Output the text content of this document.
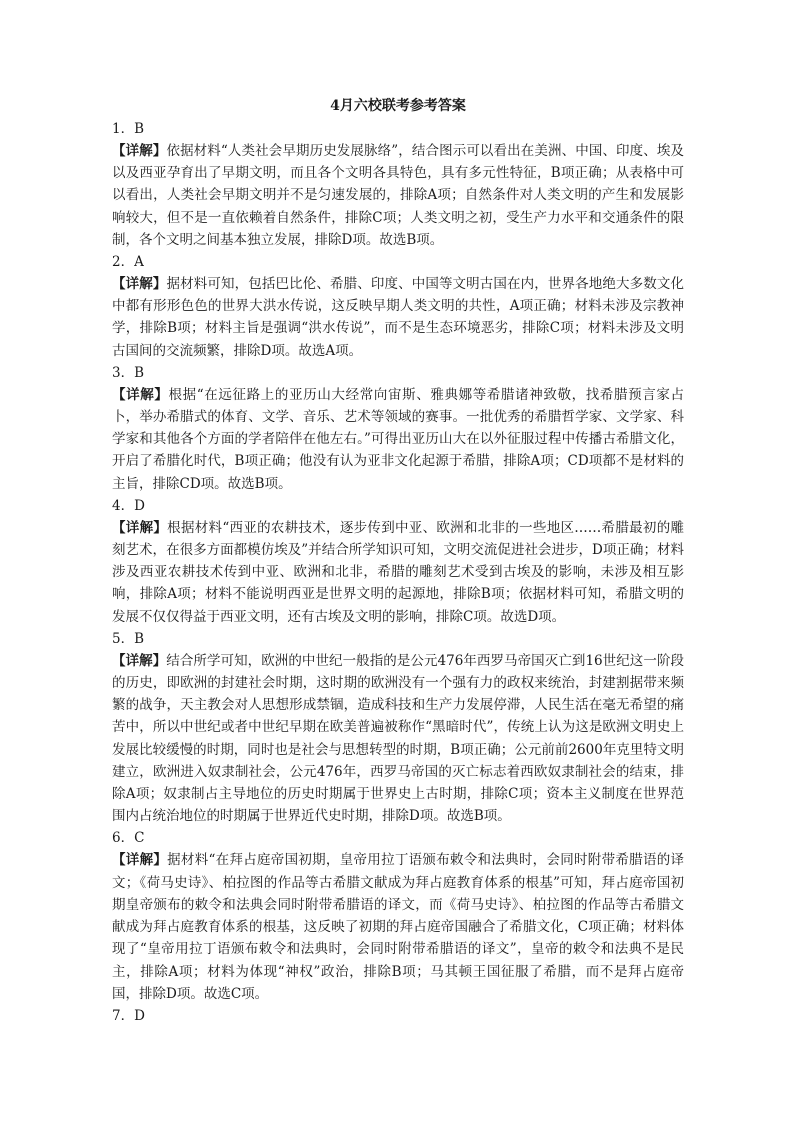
4月六校联考参考答案

1．B

【详解】依据材料“人类社会早期历史发展脉络”，结合图示可以看出在美洲、中国、印度、埃及以及西亚孕育出了早期文明，而且各个文明各具特色，具有多元性特征，B项正确；从表格中可以看出，人类社会早期文明并不是匀速发展的，排除A项；自然条件对人类文明的产生和发展影响较大，但不是一直依赖着自然条件，排除C项；人类文明之初，受生产力水平和交通条件的限制，各个文明之间基本独立发展，排除D项。故选B项。

2．A

【详解】据材料可知，包括巴比伦、希腊、印度、中国等文明古国在内，世界各地绝大多数文化中都有形形色色的世界大洪水传说，这反映早期人类文明的共性，A项正确；材料未涉及宗教神学，排除B项；材料主旨是强调“洪水传说”，而不是生态环境恶劣，排除C项；材料未涉及文明古国间的交流频繁，排除D项。故选A项。

3．B

【详解】根据“在远征路上的亚历山大经常向宙斯、雅典娜等希腊诸神致敬，找希腊预言家占卜，举办希腊式的体育、文学、音乐、艺术等领域的赛事。一批优秀的希腊哲学家、文学家、科学家和其他各个方面的学者陪伴在他左右。”可得出亚历山大在以外征服过程中传播古希腊文化，开启了希腊化时代，B项正确；他没有认为亚非文化起源于希腊，排除A项；CD项都不是材料的主旨，排除CD项。故选B项。

4．D

【详解】根据材料“西亚的农耕技术，逐步传到中亚、欧洲和北非的一些地区……希腊最初的雕刻艺术，在很多方面都模仿埃及”并结合所学知识可知，文明交流促进社会进步，D项正确；材料涉及西亚农耕技术传到中亚、欧洲和北非，希腊的雕刻艺术受到古埃及的影响，未涉及相互影响，排除A项；材料不能说明西亚是世界文明的起源地，排除B项；依据材料可知，希腊文明的发展不仅仅得益于西亚文明，还有古埃及文明的影响，排除C项。故选D项。

5．B

【详解】结合所学可知，欧洲的中世纪一般指的是公元476年西罗马帝国灭亡到16世纪这一阶段的历史，即欧洲的封建社会时期，这时期的欧洲没有一个强有力的政权来统治，封建割据带来频繁的战争，天主教会对人思想形成禁锢，造成科技和生产力发展停滞，人民生活在毫无希望的痛苦中，所以中世纪或者中世纪早期在欧美普遍被称作“黑暗时代”，传统上认为这是欧洲文明史上发展比较缓慢的时期，同时也是社会与思想转型的时期，B项正确；公元前前2600年克里特文明建立，欧洲进入奴隶制社会，公元476年，西罗马帝国的灭亡标志着西欧奴隶制社会的结束，排除A项；奴隶制占主导地位的历史时期属于世界史上古时期，排除C项；资本主义制度在世界范围内占统治地位的时期属于世界近代史时期，排除D项。故选B项。

6．C

【详解】据材料“在拜占庭帝国初期，皇帝用拉丁语颁布敕令和法典时，会同时附带希腊语的译文；《荷马史诗》、柏拉图的作品等古希腊文献成为拜占庭教育体系的根基”可知，拜占庭帝国初期皇帝颁布的敕令和法典会同时附带希腊语的译文，而《荷马史诗》、柏拉图的作品等古希腊文献成为拜占庭教育体系的根基，这反映了初期的拜占庭帝国融合了希腊文化，C项正确；材料体现了“皇帝用拉丁语颁布敕令和法典时，会同时附带希腊语的译文”，皇帝的敕令和法典不是民主，排除A项；材料为体现“神权”政治，排除B项；马其顿王国征服了希腊，而不是拜占庭帝国，排除D项。故选C项。

7．D
